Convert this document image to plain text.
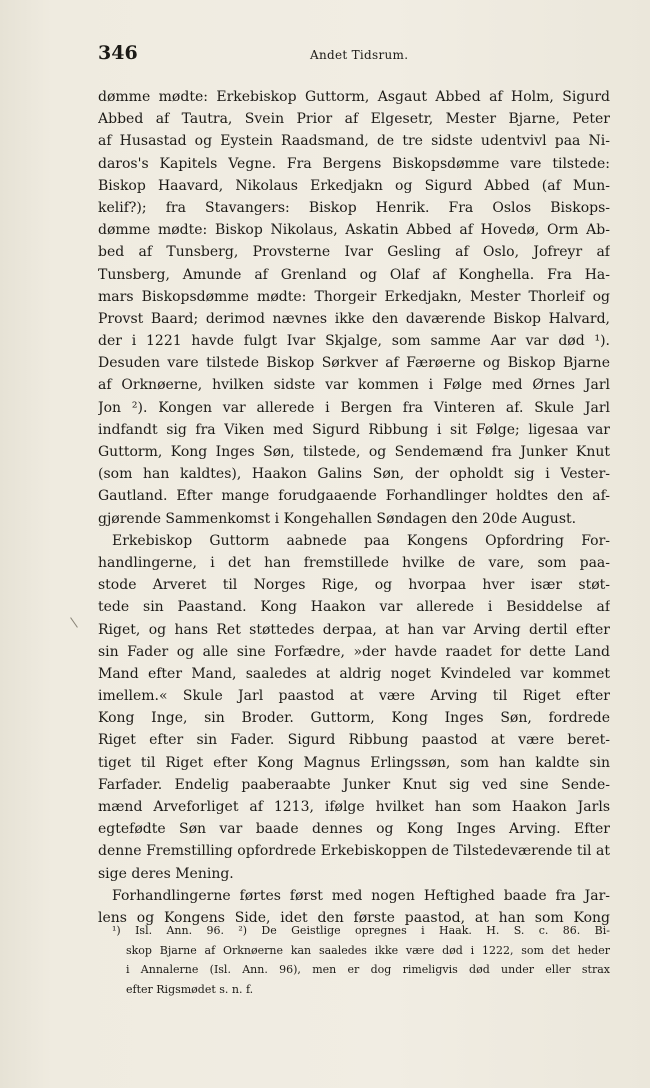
346	Andet Tidsrum.
dømme mødte: Erkebiskop Guttorm, Asgaut Abbed af Holm, Sigurd
Abbed af Tautra, Svein Prior af Elgesetr, Mester Bjarne, Peter
af Husastad og Eystein Raadsmand, de tre sidste udentvivl paa Ni-
daros's Kapitels Vegne. Fra Bergens Biskopsdømme vare tilstede:
Biskop Haavard, Nikolaus Erkedjakn og Sigurd Abbed (af Mun-
kelif?); fra Stavangers: Biskop Henrik. Fra Oslos Biskops-
dømme mødte: Biskop Nikolaus, Askatin Abbed af Hovedø, Orm Ab-
bed af Tunsberg, Provsterne Ivar Gesling af Oslo, Jofreyr af
Tunsberg, Amunde af Grenland og Olaf af Konghella. Fra Ha-
mars Biskopsdømme mødte: Thorgeir Erkedjakn, Mester Thorleif og
Provst Baard; derimod nævnes ikke den daværende Biskop Halvard,
der i 1221 havde fulgt Ivar Skjalge, som samme Aar var død ¹).
Desuden vare tilstede Biskop Sørkver af Færøerne og Biskop Bjarne
af Orknøerne, hvilken sidste var kommen i Følge med Ørnes Jarl
Jon ²). Kongen var allerede i Bergen fra Vinteren af. Skule Jarl
indfandt sig fra Viken med Sigurd Ribbung i sit Følge; ligesaa var
Guttorm, Kong Inges Søn, tilstede, og Sendemænd fra Junker Knut
(som han kaldtes), Haakon Galins Søn, der opholdt sig i Vester-
Gautland. Efter mange forudgaaende Forhandlinger holdtes den af-
gjørende Sammenkomst i Kongehallen Søndagen den 20de August.
Erkebiskop Guttorm aabnede paa Kongens Opfordring For-
handlingerne, i det han fremstillede hvilke de vare, som paa-
stode Arveret til Norges Rige, og hvorpaa hver især støt-
tede sin Paastand. Kong Haakon var allerede i Besiddelse af
Riget, og hans Ret støttedes derpaa, at han var Arving dertil efter
sin Fader og alle sine Forfædre, »der havde raadet for dette Land
Mand efter Mand, saaledes at aldrig noget Kvindeled var kommet
imellem.« Skule Jarl paastod at være Arving til Riget efter
Kong Inge, sin Broder. Guttorm, Kong Inges Søn, fordrede
Riget efter sin Fader. Sigurd Ribbung paastod at være beret-
tiget til Riget efter Kong Magnus Erlingssøn, som han kaldte sin
Farfader. Endelig paaberaabte Junker Knut sig ved sine Sende-
mænd Arveforliget af 1213, ifølge hvilket han som Haakon Jarls
egtefødte Søn var baade dennes og Kong Inges Arving. Efter
denne Fremstilling opfordrede Erkebiskoppen de Tilstedeværende til at
sige deres Mening.
Forhandlingerne førtes først med nogen Heftighed baade fra Jar-
lens og Kongens Side, idet den første paastod, at han som Kong
¹) Isl. Ann. 96. ²) De Geistlige opregnes i Haak. H. S. c. 86. Bi-
skop Bjarne af Orknøerne kan saaledes ikke være død i 1222, som det heder
i Annalerne (Isl. Ann. 96), men er dog rimeligvis død under eller strax
efter Rigsmødet s. n. f.
